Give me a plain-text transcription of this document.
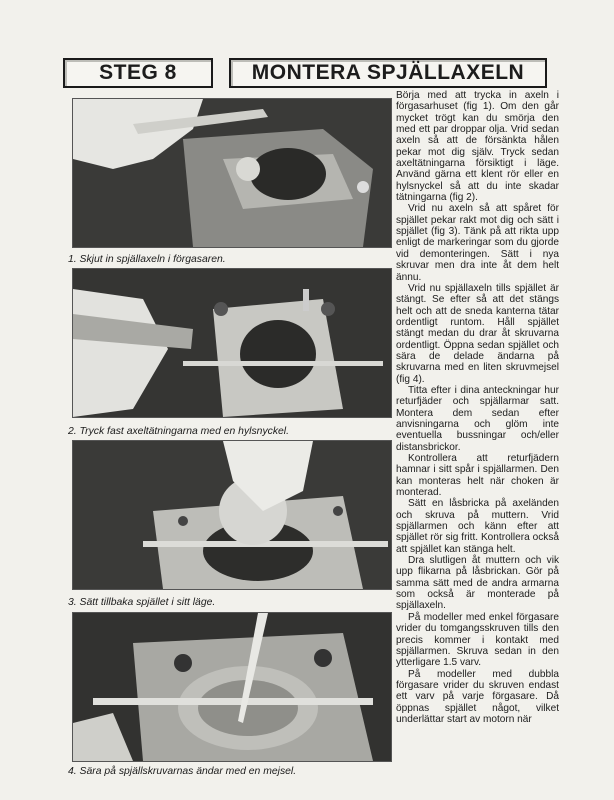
STEG 8	MONTERA SPJÄLLAXELN
1. Skjut in spjällaxeln i förgasaren.
2. Tryck fast axeltätningarna med en hylsnyckel.
3. Sätt tillbaka spjället i sitt läge.
4. Sära på spjällskruvarnas ändar med en mejsel.

Börja med att trycka in axeln i förgasarhuset (fig 1). Om den går mycket trögt kan du smörja den med ett par droppar olja. Vrid sedan axeln så att de försänkta hålen pekar mot dig själv. Tryck sedan axeltätningarna försiktigt i läge. Använd gärna ett klent rör eller en hylsnyckel så att du inte skadar tätningarna (fig 2).

Vrid nu axeln så att spåret för spjället pekar rakt mot dig och sätt i spjället (fig 3). Tänk på att rikta upp enligt de markeringar som du gjorde vid demonteringen. Sätt i nya skruvar men dra inte åt dem helt ännu.

Vrid nu spjällaxeln tills spjället är stängt. Se efter så att det stängs helt och att de sneda kanterna tätar ordentligt runtom. Håll spjället stängt medan du drar åt skruvarna ordentligt. Öppna sedan spjället och sära de delade ändarna på skruvarna med en liten skruvmejsel (fig 4).

Titta efter i dina anteckningar hur returfjäder och spjällarmar satt. Montera dem sedan efter anvisningarna och glöm inte eventuella bussningar och/eller distansbrickor.

Kontrollera att returfjädern hamnar i sitt spår i spjällarmen. Den kan monteras helt när choken är monterad.

Sätt en låsbricka på axeländen och skruva på muttern. Vrid spjällarmen och känn efter att spjället rör sig fritt. Kontrollera också att spjället kan stänga helt.

Dra slutligen åt muttern och vik upp flikarna på låsbrickan. Gör på samma sätt med de andra armarna som också är monterade på spjällaxeln.

På modeller med enkel förgasare vrider du tomgangsskruven tills den precis kommer i kontakt med spjällarmen. Skruva sedan in den ytterligare 1.5 varv.

På modeller med dubbla förgasare vrider du skruven endast ett varv på varje förgasare. Då öppnas spjället något, vilket underlättar start av motorn när
